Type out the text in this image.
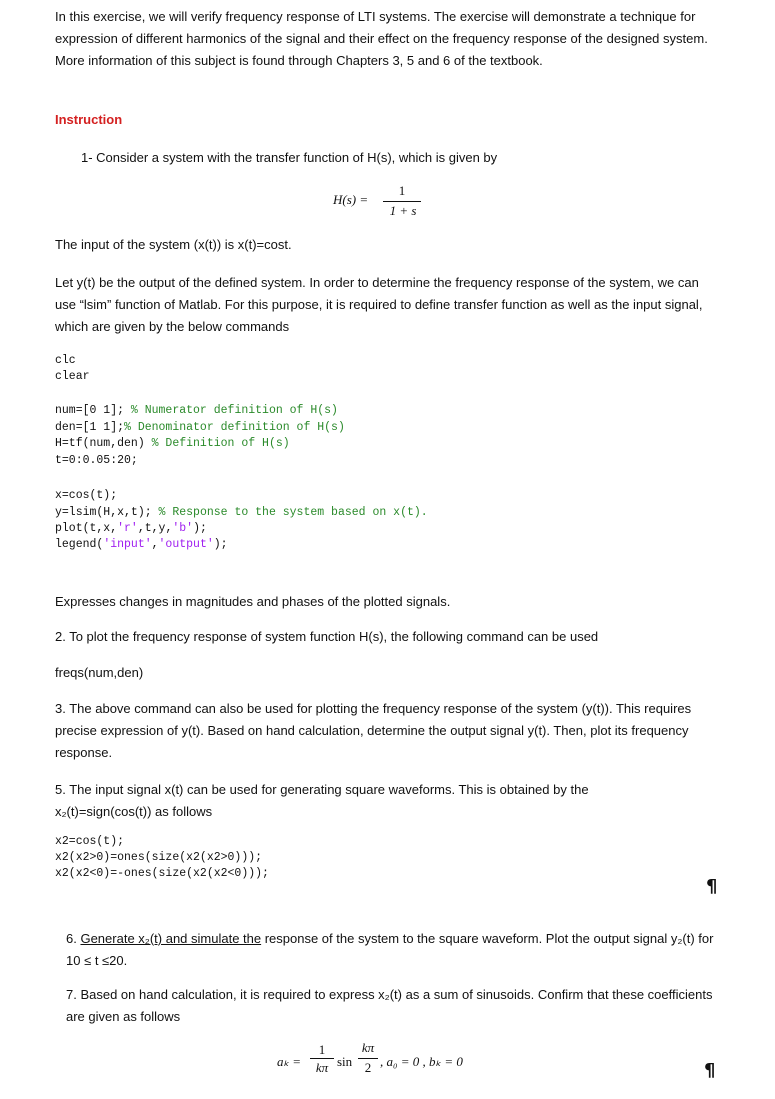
In this exercise, we will verify frequency response of LTI systems. The exercise will demonstrate a technique for expression of different harmonics of the signal and their effect on the frequency response of the designed system. More information of this subject is found through Chapters 3, 5 and 6 of the textbook.
Instruction
1- Consider a system with the transfer function of H(s), which is given by
H(s) =
1
1 + s
The input of the system (x(t)) is x(t)=cost.
Let y(t) be the output of the defined system. In order to determine the frequency response of the system, we can use “lsim” function of Matlab. For this purpose, it is required to define transfer function as well as the input signal, which are given by the below commands
clc
clear
num=[0 1]; % Numerator definition of H(s)
den=[1 1];% Denominator definition of H(s)
H=tf(num,den) % Definition of H(s)
t=0:0.05:20;
x=cos(t);
y=lsim(H,x,t); % Response to the system based on x(t).
plot(t,x,'r',t,y,'b');
legend('input','output');
Expresses changes in magnitudes and phases of the plotted signals.
2. To plot the frequency response of system function H(s), the following command can be used
freqs(num,den)
3. The above command can also be used for plotting the frequency response of the system (y(t)). This requires precise expression of y(t). Based on hand calculation, determine the output signal y(t). Then, plot its frequency response.
5. The input signal x(t) can be used for generating square waveforms. This is obtained by the
x₂(t)=sign(cos(t)) as follows
x2=cos(t);
x2(x2>0)=ones(size(x2(x2>0)));
x2(x2<0)=-ones(size(x2(x2<0)));
¶
6. Generate x₂(t) and simulate the response of the system to the square waveform. Plot the output signal y₂(t) for 10 ≤ t ≤20.
7. Based on hand calculation, it is required to express x₂(t) as a sum of sinusoids. Confirm that these coefficients are given as follows
aₖ =
1
kπ sin
kπ
2 , a₀ = 0 , bₖ = 0	¶
